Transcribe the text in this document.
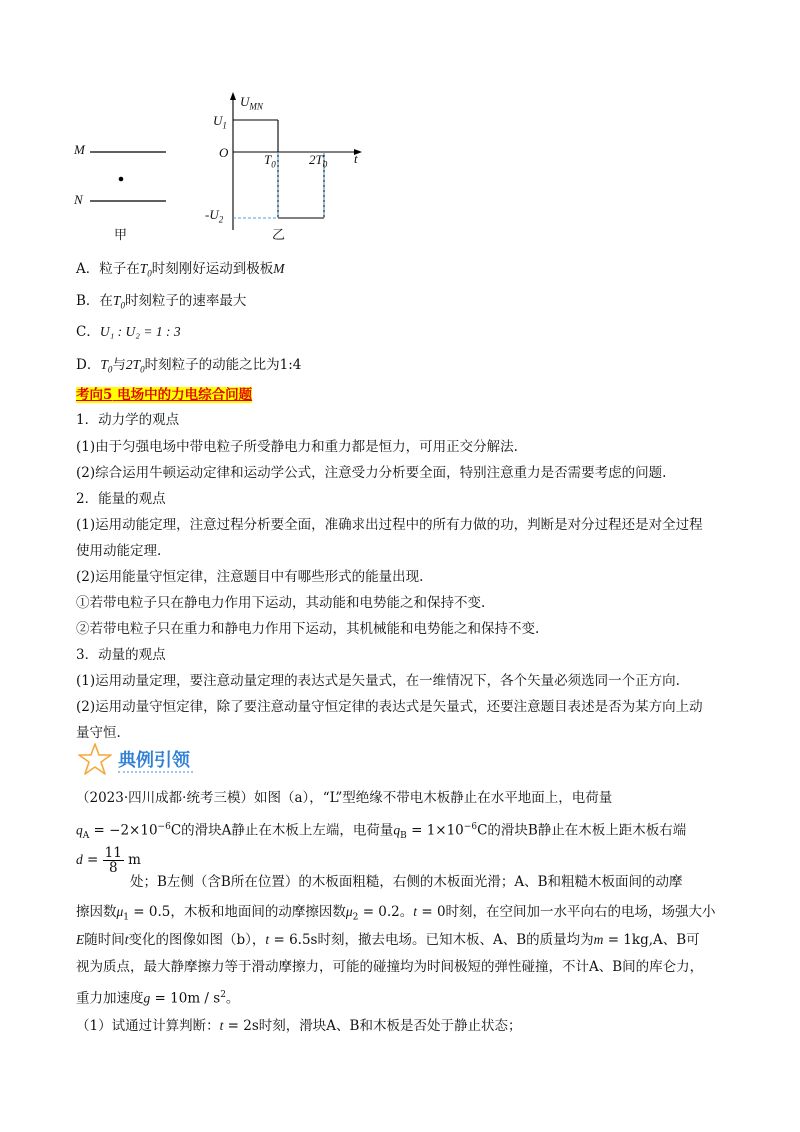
M
N
甲
$U_{MN}$
t
O
$U_1$
$-U_2$
$T_0$	$2T_0$
乙
A．粒子在$T_0$时刻刚好运动到极板M
B．在$T_0$时刻粒子的速率最大
C．U₁ : U₂ = 1 : 3
D．$T_0$与$2T_0$时刻粒子的动能之比为1:4
考向5 电场中的力电综合问题
1．动力学的观点
(1)由于匀强电场中带电粒子所受静电力和重力都是恒力，可用正交分解法.
(2)综合运用牛顿运动定律和运动学公式，注意受力分析要全面，特别注意重力是否需要考虑的问题.
2．能量的观点
(1)运用动能定理，注意过程分析要全面，准确求出过程中的所有力做的功，判断是对分过程还是对全过程
使用动能定理.
(2)运用能量守恒定律，注意题目中有哪些形式的能量出现.
①若带电粒子只在静电力作用下运动，其动能和电势能之和保持不变.
②若带电粒子只在重力和静电力作用下运动，其机械能和电势能之和保持不变.
3．动量的观点
(1)运用动量定理，要注意动量定理的表达式是矢量式，在一维情况下，各个矢量必须选同一个正方向.
(2)运用动量守恒定律，除了要注意动量守恒定律的表达式是矢量式，还要注意题目表述是否为某方向上动
量守恒.
典例引领
（2023·四川成都·统考三模）如图（a），“L”型绝缘不带电木板静止在水平地面上，电荷量
$q_A = -2\times 10^{-6}C$的滑块A静止在木板上左端，电荷量$q_B = 1\times 10^{-6}C$的滑块B静止在木板上距木板右端
$d = \frac{11}{8}$ m
处；B左侧（含B所在位置）的木板面粗糙，右侧的木板面光滑；A、B和粗糙木板面间的动摩
擦因数$\mu_1 = 0.5$，木板和地面间的动摩擦因数$\mu_2 = 0.2$。t = 0时刻，在空间加一水平向右的电场，场强大小
E随时间t变化的图像如图（b），t = 6.5s时刻，撤去电场。已知木板、A、B的质量均为m = 1kg,A、B可
视为质点，最大静摩擦力等于滑动摩擦力，可能的碰撞均为时间极短的弹性碰撞，不计A、B间的库仑力，
重力加速度$g = 10m / s^2$。
（1）试通过计算判断：t = 2s时刻，滑块A、B和木板是否处于静止状态；
